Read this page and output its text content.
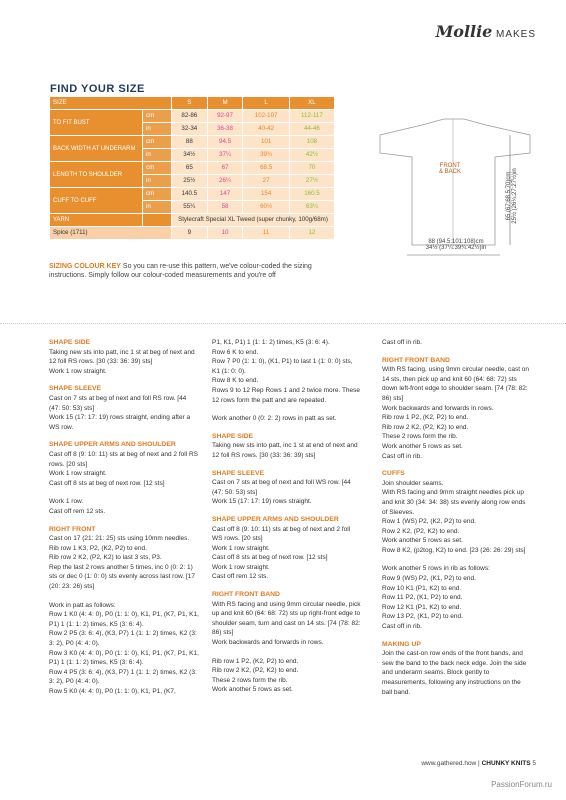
Mollie MAKES
FIND YOUR SIZE
SIZE		S	M	L	XL
TO FIT BUST	cm	82-86	92-97	102-107	112-117
	in	32-34	36-38	40-42	44-46
BACK WIDTH AT UNDERARM	cm	88	94.5	101	108
	in	34½	37¼	39¾	42½
LENGTH TO SHOULDER	cm	65	67	68.5	70
	in	25½	26¼	27	27½
CUFF TO CUFF	cm	140.5	147	154	160.5
	in	55¼	58	60½	63¼
YARN		Stylecraft Special XL Tweed (super chunky, 100g/68m)			
Spice (1711)		9	10	11	12
SIZING COLOUR KEY So you can re-use this pattern, we've colour-coded the sizing instructions. Simply follow our colour-coded measurements and you're off
FRONT
& BACK
88 (94.5:101:108)cm
34½ (37¼:39¾:42½)in
65 (67:68.5:70)cm 25½ (26¼:27:27½)in
SHAPE SIDE

Taking new sts into patt, inc 1 st at beg of next and 12 foll RS rows. [30 (33: 36: 39) sts]

Work 1 row straight.

SHAPE SLEEVE

Cast on 7 sts at beg of next and foll RS row. [44 (47: 50: 53) sts]

Work 15 (17: 17: 19) rows straight, ending after a WS row.

SHAPE UPPER ARMS AND SHOULDER

Cast off 8 (9: 10: 11) sts at beg of next and 2 foll RS rows. [20 sts]

Work 1 row straight.

Cast off 8 sts at beg of next row. [12 sts]

Work 1 row.

Cast off rem 12 sts.

RIGHT FRONT

Cast on 17 (21: 21: 25) sts using 10mm needles.

Rib row 1 K3, P2, (K2, P2) to end.

Rib row 2 K2, (P2, K2) to last 3 sts, P3.

Rep the last 2 rows another 5 times, inc 0 (0: 2: 1) sts or dec 0 (1: 0: 0) sts evenly across last row. [17 (20: 23: 26) sts]

Work in patt as follows:

Row 1 K0 (4: 4: 0), P0 (1: 1: 0), K1, P1, (K7, P1, K1, P1) 1 (1: 1: 2) times, K5 (3: 6: 4).

Row 2 P5 (3: 6: 4), (K3, P7) 1 (1: 1: 2) times, K2 (3: 3: 2), P0 (4: 4: 0).

Row 3 K0 (4: 4: 0), P0 (1: 1: 0), K1, P1, (K7, P1, K1, P1) 1 (1: 1: 2) times, K5 (3: 6: 4).

Row 4 P5 (3: 6: 4), (K3, P7) 1 (1: 1: 2) times, K2 (3: 3: 2), P0 (4: 4: 0).

Row 5 K0 (4: 4: 0), P0 (1: 1: 0), K1, P1, (K7,

P1, K1, P1) 1 (1: 1: 2) times, K5 (3: 6: 4).

Row 6 K to end.

Row 7 P0 (1: 1: 0), (K1, P1) to last 1 (1: 0: 0) sts, K1 (1: 0: 0).

Row 8 K to end.

Rows 9 to 12 Rep Rows 1 and 2 twice more. These 12 rows form the patt and are repeated.

Work another 0 (0: 2: 2) rows in patt as set.

SHAPE SIDE

Taking new sts into patt, inc 1 st at end of next and 12 foll RS rows. [30 (33: 36: 39) sts]

SHAPE SLEEVE

Cast on 7 sts at beg of next and foll WS row. [44 (47: 50: 53) sts]

Work 15 (17: 17: 19) rows straight.

SHAPE UPPER ARMS AND SHOULDER

Cast off 8 (9: 10: 11) sts at beg of next and 2 foll WS rows. [20 sts]

Work 1 row straight.

Cast off 8 sts at beg of next row. [12 sts]

Work 1 row straight.

Cast off rem 12 sts.

RIGHT FRONT BAND

With RS facing and using 9mm circular needle, pick up and knit 60 (64: 68: 72) sts up right-front edge to shoulder seam, turn and cast on 14 sts. [74 (78: 82: 86) sts]

Work backwards and forwards in rows.

Rib row 1 P2, (K2, P2) to end.

Rib row 2 K2, (P2, K2) to end.

These 2 rows form the rib.

Work another 5 rows as set.

Cast off in rib.

RIGHT FRONT BAND

With RS facing, using 9mm circular needle, cast on 14 sts, then pick up and knit 60 (64: 68: 72) sts down left-front edge to shoulder seam. [74 (78: 82: 86) sts]

Work backwards and forwards in rows.

Rib row 1 P2, (K2, P2) to end.

Rib row 2 K2, (P2, K2) to end.

These 2 rows form the rib.

Work another 5 rows as set.

Cast off in rib.

CUFFS

Join shoulder seams.

With RS facing and 9mm straight needles pick up and knit 30 (34: 34: 38) sts evenly along row ends of Sleeves.

Row 1 (WS) P2, (K2, P2) to end.

Row 2 K2, (P2, K2) to end.

Work another 5 rows as set.

Row 8 K2, (p2tog, K2) to end. [23 (26: 26: 29) sts]

Work another 5 rows in rib as follows:

Row 9 (WS) P2, (K1, P2) to end.

Row 10 K1 (P1, K2) to end.

Row 11 P2, (K1, P2) to end.

Row 12 K1 (P1, K2) to end.

Row 13 P2, (K1, P2) to end.

Cast off in rib.

MAKING UP

Join the cast-on row ends of the front bands, and sew the band to the back neck edge. Join the side and underarm seams. Block gently to measurements, following any instructions on the ball band.

www.gathered.how | CHUNKY KNITS 5
PassionForum.ru
